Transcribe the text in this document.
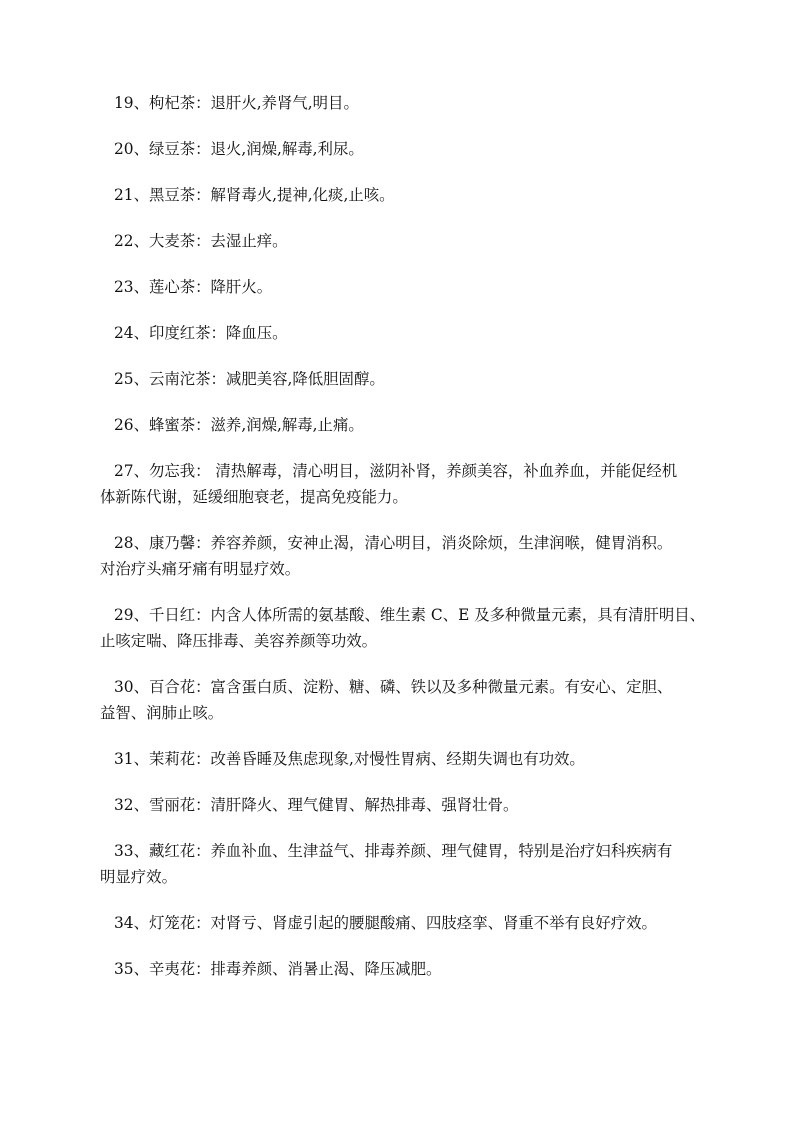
19、枸杞茶：退肝火,养肾气,明目。

20、绿豆茶：退火,润燥,解毒,利尿。

21、黑豆茶：解肾毒火,提神,化痰,止咳。

22、大麦茶：去湿止痒。

23、莲心茶：降肝火。

24、印度红茶：降血压。

25、云南沱茶：减肥美容,降低胆固醇。

26、蜂蜜茶：滋养,润燥,解毒,止痛。

27、勿忘我： 清热解毒，清心明目，滋阴补肾，养颜美容，补血养血，并能促经机
体新陈代谢，延缓细胞衰老，提高免疫能力。

28、康乃馨：养容养颜，安神止渴，清心明目，消炎除烦，生津润喉，健胃消积。
对治疗头痛牙痛有明显疗效。

29、千日红：内含人体所需的氨基酸、维生素 C、E 及多种微量元素，具有清肝明目、
止咳定喘、降压排毒、美容养颜等功效。

30、百合花：富含蛋白质、淀粉、糖、磷、铁以及多种微量元素。有安心、定胆、
益智、润肺止咳。

31、茉莉花：改善昏睡及焦虑现象,对慢性胃病、经期失调也有功效。

32、雪丽花：清肝降火、理气健胃、解热排毒、强肾壮骨。

33、藏红花：养血补血、生津益气、排毒养颜、理气健胃，特别是治疗妇科疾病有
明显疗效。

34、灯笼花：对肾亏、肾虚引起的腰腿酸痛、四肢痉挛、肾重不举有良好疗效。

35、辛夷花：排毒养颜、消暑止渴、降压减肥。
